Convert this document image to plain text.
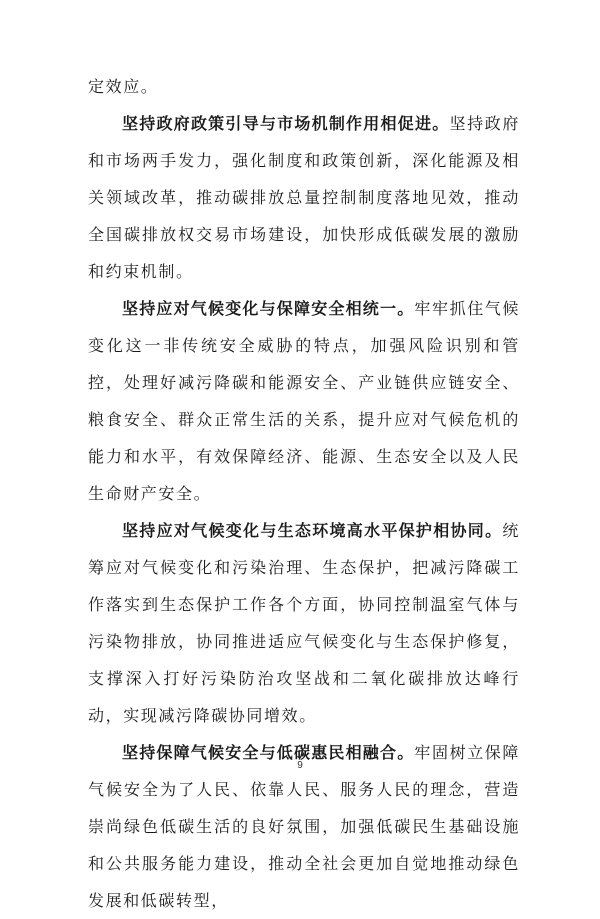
定效应。

坚持政府政策引导与市场机制作用相促进。坚持政府和市场两手发力，强化制度和政策创新，深化能源及相关领域改革，推动碳排放总量控制制度落地见效，推动全国碳排放权交易市场建设，加快形成低碳发展的激励和约束机制。

坚持应对气候变化与保障安全相统一。牢牢抓住气候变化这一非传统安全威胁的特点，加强风险识别和管控，处理好减污降碳和能源安全、产业链供应链安全、粮食安全、群众正常生活的关系，提升应对气候危机的能力和水平，有效保障经济、能源、生态安全以及人民生命财产安全。

坚持应对气候变化与生态环境高水平保护相协同。统筹应对气候变化和污染治理、生态保护，把减污降碳工作落实到生态保护工作各个方面，协同控制温室气体与污染物排放，协同推进适应气候变化与生态保护修复，支撑深入打好污染防治攻坚战和二氧化碳排放达峰行动，实现减污降碳协同增效。

坚持保障气候安全与低碳惠民相融合。牢固树立保障气候安全为了人民、依靠人民、服务人民的理念，营造崇尚绿色低碳生活的良好氛围，加强低碳民生基础设施和公共服务能力建设，推动全社会更加自觉地推动绿色发展和低碳转型，

9
